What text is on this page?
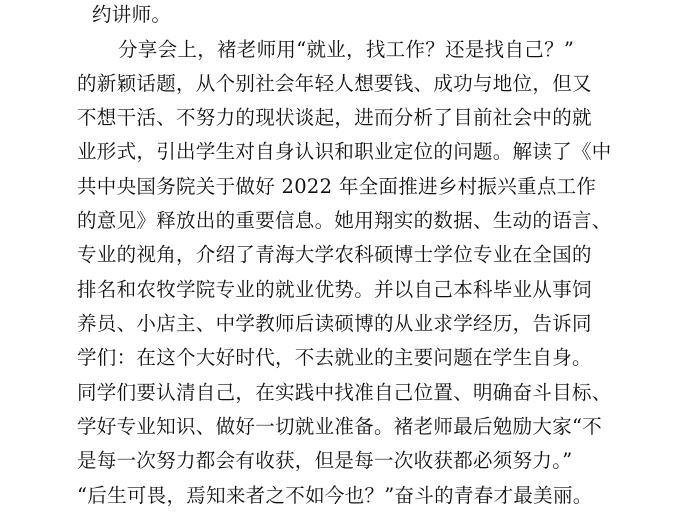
约讲师。
分享会上，褚老师用“就业，找工作？还是找自己？”
的新颖话题，从个别社会年轻人想要钱、成功与地位，但又
不想干活、不努力的现状谈起，进而分析了目前社会中的就
业形式，引出学生对自身认识和职业定位的问题。解读了《中
共中央国务院关于做好 2022 年全面推进乡村振兴重点工作
的意见》释放出的重要信息。她用翔实的数据、生动的语言、
专业的视角，介绍了青海大学农科硕博士学位专业在全国的
排名和农牧学院专业的就业优势。并以自己本科毕业从事饲
养员、小店主、中学教师后读硕博的从业求学经历，告诉同
学们：在这个大好时代，不去就业的主要问题在学生自身。
同学们要认清自己，在实践中找准自己位置、明确奋斗目标、
学好专业知识、做好一切就业准备。褚老师最后勉励大家“不
是每一次努力都会有收获，但是每一次收获都必须努力。”
“后生可畏，焉知来者之不如今也？”奋斗的青春才最美丽。
